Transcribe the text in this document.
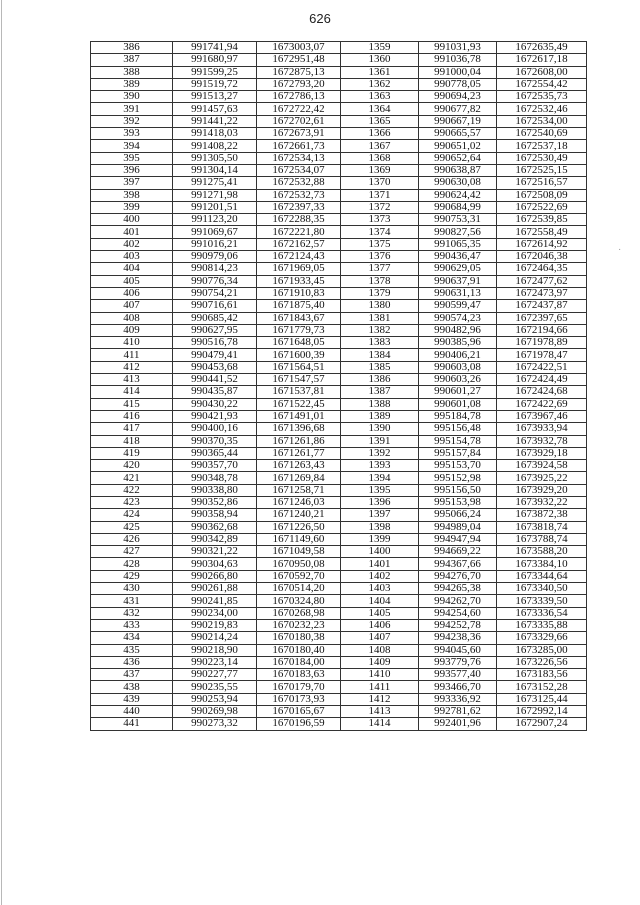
626
·
386	991741,94	1673003,07	1359	991031,93	1672635,49
387	991680,97	1672951,48	1360	991036,78	1672617,18
388	991599,25	1672875,13	1361	991000,04	1672608,00
389	991519,72	1672793,20	1362	990778,05	1672554,42
390	991513,27	1672786,13	1363	990694,23	1672535,73
391	991457,63	1672722,42	1364	990677,82	1672532,46
392	991441,22	1672702,61	1365	990667,19	1672534,00
393	991418,03	1672673,91	1366	990665,57	1672540,69
394	991408,22	1672661,73	1367	990651,02	1672537,18
395	991305,50	1672534,13	1368	990652,64	1672530,49
396	991304,14	1672534,07	1369	990638,87	1672525,15
397	991275,41	1672532,88	1370	990630,08	1672516,57
398	991271,98	1672532,73	1371	990624,42	1672508,09
399	991201,51	1672397,33	1372	990684,99	1672522,69
400	991123,20	1672288,35	1373	990753,31	1672539,85
401	991069,67	1672221,80	1374	990827,56	1672558,49
402	991016,21	1672162,57	1375	991065,35	1672614,92
403	990979,06	1672124,43	1376	990436,47	1672046,38
404	990814,23	1671969,05	1377	990629,05	1672464,35
405	990776,34	1671933,45	1378	990637,91	1672477,62
406	990754,21	1671910,83	1379	990631,13	1672473,97
407	990716,61	1671875,40	1380	990599,47	1672437,87
408	990685,42	1671843,67	1381	990574,23	1672397,65
409	990627,95	1671779,73	1382	990482,96	1672194,66
410	990516,78	1671648,05	1383	990385,96	1671978,89
411	990479,41	1671600,39	1384	990406,21	1671978,47
412	990453,68	1671564,51	1385	990603,08	1672422,51
413	990441,52	1671547,57	1386	990603,26	1672424,49
414	990435,87	1671537,81	1387	990601,27	1672424,68
415	990430,22	1671522,45	1388	990601,08	1672422,69
416	990421,93	1671491,01	1389	995184,78	1673967,46
417	990400,16	1671396,68	1390	995156,48	1673933,94
418	990370,35	1671261,86	1391	995154,78	1673932,78
419	990365,44	1671261,77	1392	995157,84	1673929,18
420	990357,70	1671263,43	1393	995153,70	1673924,58
421	990348,78	1671269,84	1394	995152,98	1673925,22
422	990338,80	1671258,71	1395	995156,50	1673929,20
423	990352,86	1671246,03	1396	995153,98	1673932,22
424	990358,94	1671240,21	1397	995066,24	1673872,38
425	990362,68	1671226,50	1398	994989,04	1673818,74
426	990342,89	1671149,60	1399	994947,94	1673788,74
427	990321,22	1671049,58	1400	994669,22	1673588,20
428	990304,63	1670950,08	1401	994367,66	1673384,10
429	990266,80	1670592,70	1402	994276,70	1673344,64
430	990261,88	1670514,20	1403	994265,38	1673340,50
431	990241,85	1670324,80	1404	994262,70	1673339,50
432	990234,00	1670268,98	1405	994254,60	1673336,54
433	990219,83	1670232,23	1406	994252,78	1673335,88
434	990214,24	1670180,38	1407	994238,36	1673329,66
435	990218,90	1670180,40	1408	994045,60	1673285,00
436	990223,14	1670184,00	1409	993779,76	1673226,56
437	990227,77	1670183,63	1410	993577,40	1673183,56
438	990235,55	1670179,70	1411	993466,70	1673152,28
439	990253,94	1670173,93	1412	993336,92	1673125,44
440	990269,98	1670165,67	1413	992781,62	1672992,14
441	990273,32	1670196,59	1414	992401,96	1672907,24
